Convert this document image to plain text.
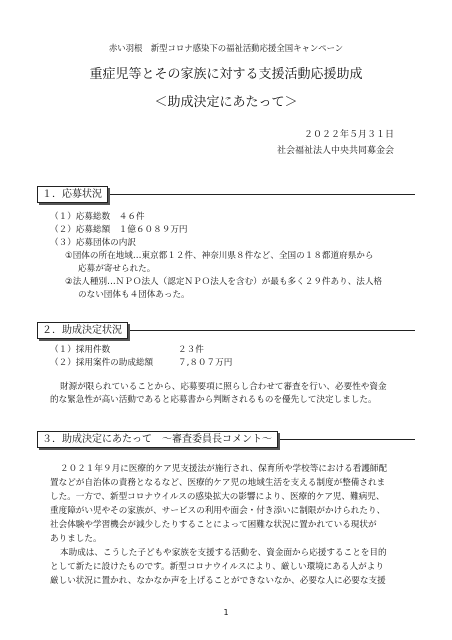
赤い羽根　新型コロナ感染下の福祉活動応援全国キャンペーン
重症児等とその家族に対する支援活動応援助成
＜助成決定にあたって＞
２０２２年５月３１日
社会福祉法人中央共同募金会
１．応募状況
（１）応募総数　４６件
（２）応募総額　１億６０８９万円
（３）応募団体の内訳
①団体の所在地域…東京都１２件、神奈川県８件など、全国の１８都道府県から
応募が寄せられた。
②法人種別…ＮＰＯ法人（認定ＮＰＯ法人を含む）が最も多く２９件あり、法人格
のない団体も４団体あった。
２．助成決定状況
（１）採用件数	２３件
（２）採用案件の助成総額	７,８０７万円
財源が限られていることから、応募要項に照らし合わせて審査を行い、必要性や資金
的な緊急性が高い活動であると応募書から判断されるものを優先して決定しました。
３．助成決定にあたって　～審査委員長コメント～
２０２１年９月に医療的ケア児支援法が施行され、保育所や学校等における看護師配
置などが自治体の責務となるなど、医療的ケア児の地域生活を支える制度が整備されま
した。一方で、新型コロナウイルスの感染拡大の影響により、医療的ケア児、難病児、
重度障がい児やその家族が、サービスの利用や面会・付き添いに制限がかけられたり、
社会体験や学習機会が減少したりすることによって困難な状況に置かれている現状が
ありました。
本助成は、こうした子どもや家族を支援する活動を、資金面から応援することを目的
として新たに設けたものです。新型コロナウイルスにより、厳しい環境にある人がより
厳しい状況に置かれ、なかなか声を上げることができないなか、必要な人に必要な支援
1
